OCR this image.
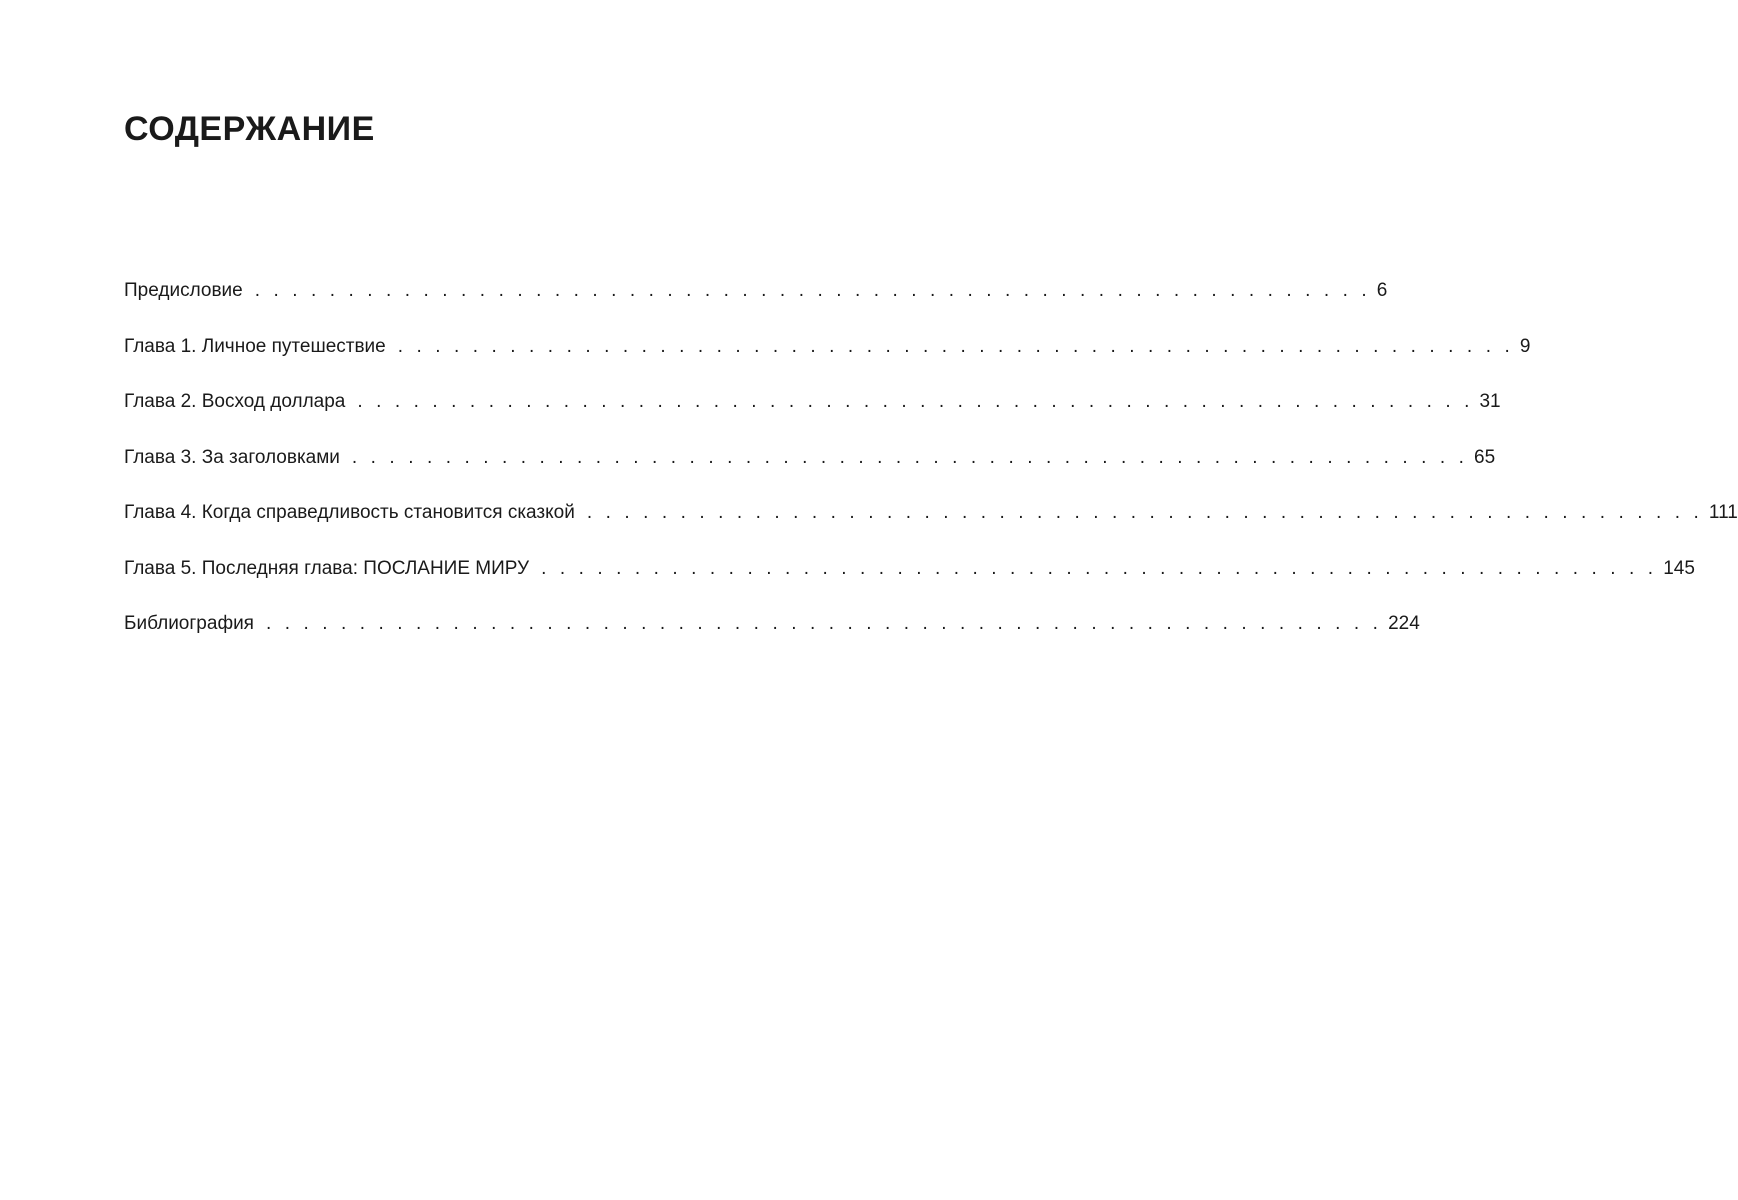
СОДЕРЖАНИЕ
Предисловие . . . . . . . . . . . . . . . . . . . . . . . . . . . . . . . . . . . . . . . . . . . . . . . . . . . . . . . . . . . . 6
Глава 1. Личное путешествие . . . . . . . . . . . . . . . . . . . . . . . . . . . . . . . . . . . . . . . . . . . . . . . . . . . . . . . . . . . . 9
Глава 2. Восход доллара . . . . . . . . . . . . . . . . . . . . . . . . . . . . . . . . . . . . . . . . . . . . . . . . . . . . . . . . . . . . 31
Глава 3. За заголовками . . . . . . . . . . . . . . . . . . . . . . . . . . . . . . . . . . . . . . . . . . . . . . . . . . . . . . . . . . . . 65
Глава 4. Когда справедливость становится сказкой . . . . . . . . . . . . . . . . . . . . . . . . . . . . . . . . . . . . . . . . . . . . . . . . . . . . . . . . . . . . 111
Глава 5. Последняя глава: ПОСЛАНИЕ МИРУ . . . . . . . . . . . . . . . . . . . . . . . . . . . . . . . . . . . . . . . . . . . . . . . . . . . . . . . . . . . . 145
Библиография . . . . . . . . . . . . . . . . . . . . . . . . . . . . . . . . . . . . . . . . . . . . . . . . . . . . . . . . . . . . 224
